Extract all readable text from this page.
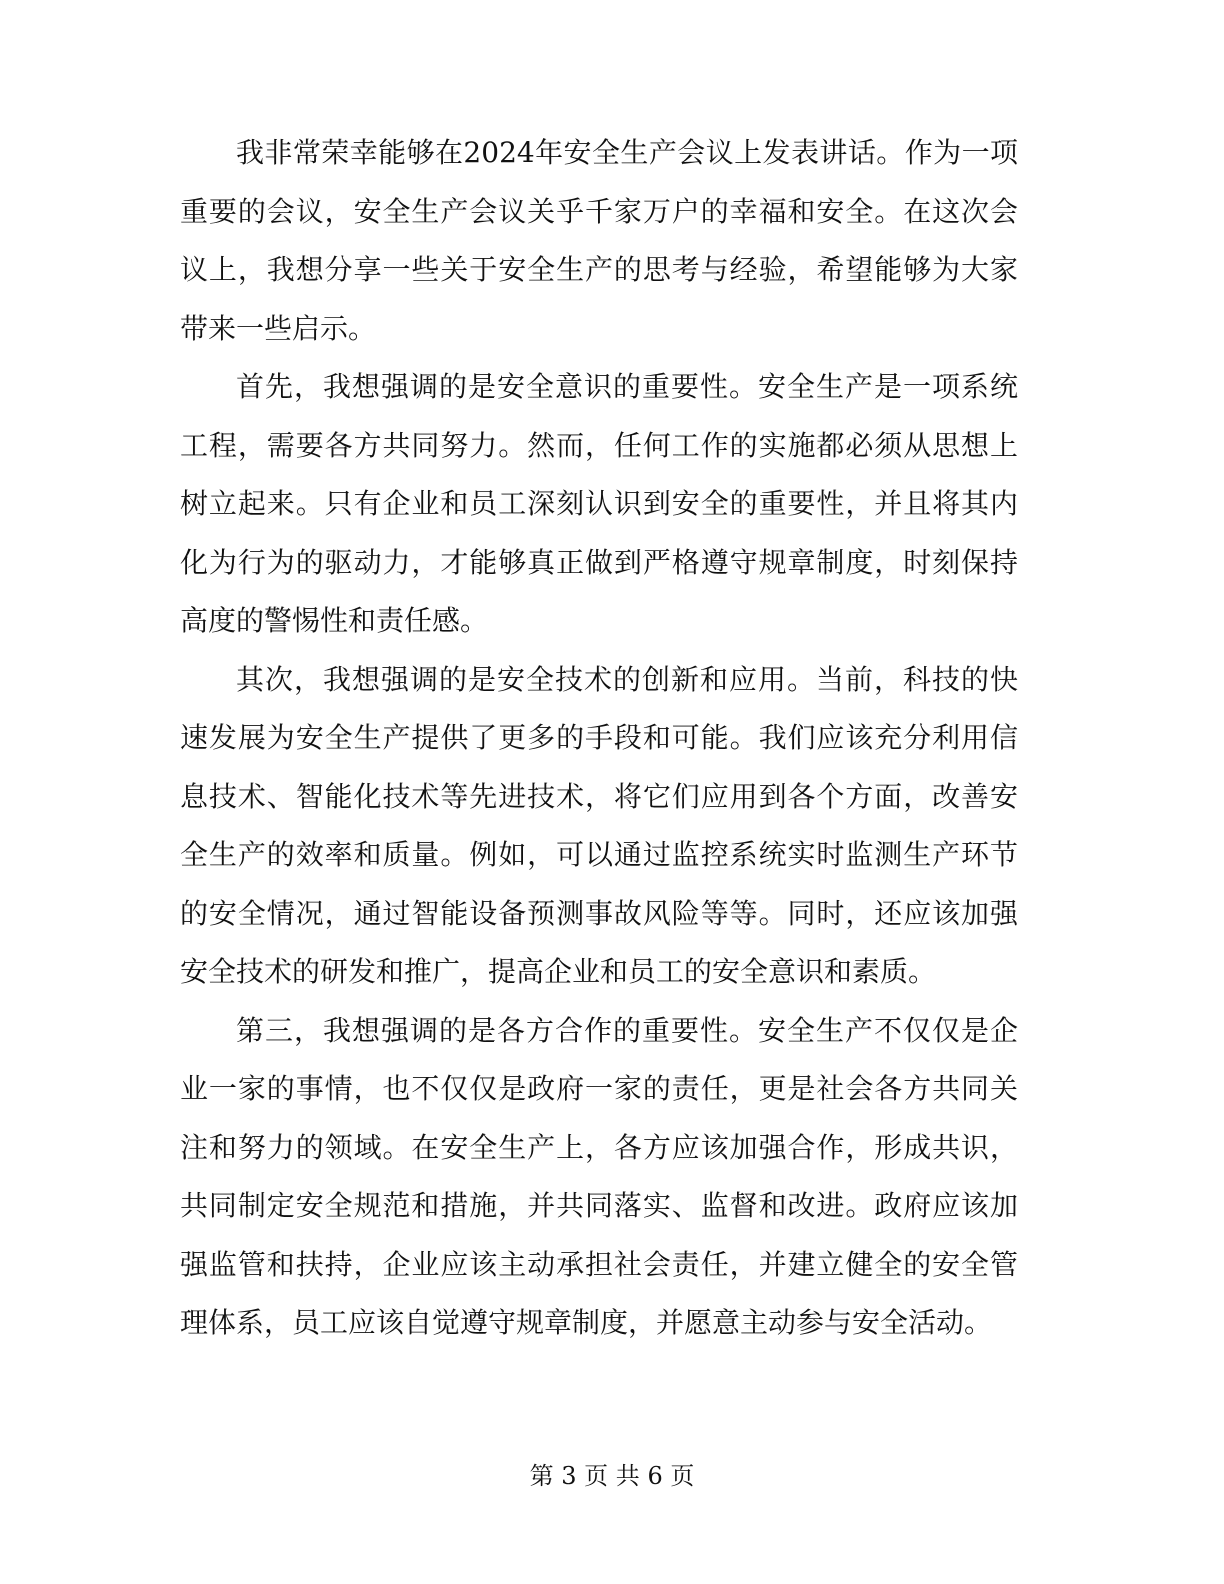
我非常荣幸能够在2024年安全生产会议上发表讲话。作为一项重要的会议，安全生产会议关乎千家万户的幸福和安全。在这次会议上，我想分享一些关于安全生产的思考与经验，希望能够为大家带来一些启示。

首先，我想强调的是安全意识的重要性。安全生产是一项系统工程，需要各方共同努力。然而，任何工作的实施都必须从思想上树立起来。只有企业和员工深刻认识到安全的重要性，并且将其内化为行为的驱动力，才能够真正做到严格遵守规章制度，时刻保持高度的警惕性和责任感。

其次，我想强调的是安全技术的创新和应用。当前，科技的快速发展为安全生产提供了更多的手段和可能。我们应该充分利用信息技术、智能化技术等先进技术，将它们应用到各个方面，改善安全生产的效率和质量。例如，可以通过监控系统实时监测生产环节的安全情况，通过智能设备预测事故风险等等。同时，还应该加强安全技术的研发和推广，提高企业和员工的安全意识和素质。

第三，我想强调的是各方合作的重要性。安全生产不仅仅是企业一家的事情，也不仅仅是政府一家的责任，更是社会各方共同关注和努力的领域。在安全生产上，各方应该加强合作，形成共识，共同制定安全规范和措施，并共同落实、监督和改进。政府应该加强监管和扶持，企业应该主动承担社会责任，并建立健全的安全管理体系，员工应该自觉遵守规章制度，并愿意主动参与安全活动。

第 3 页 共 6 页
